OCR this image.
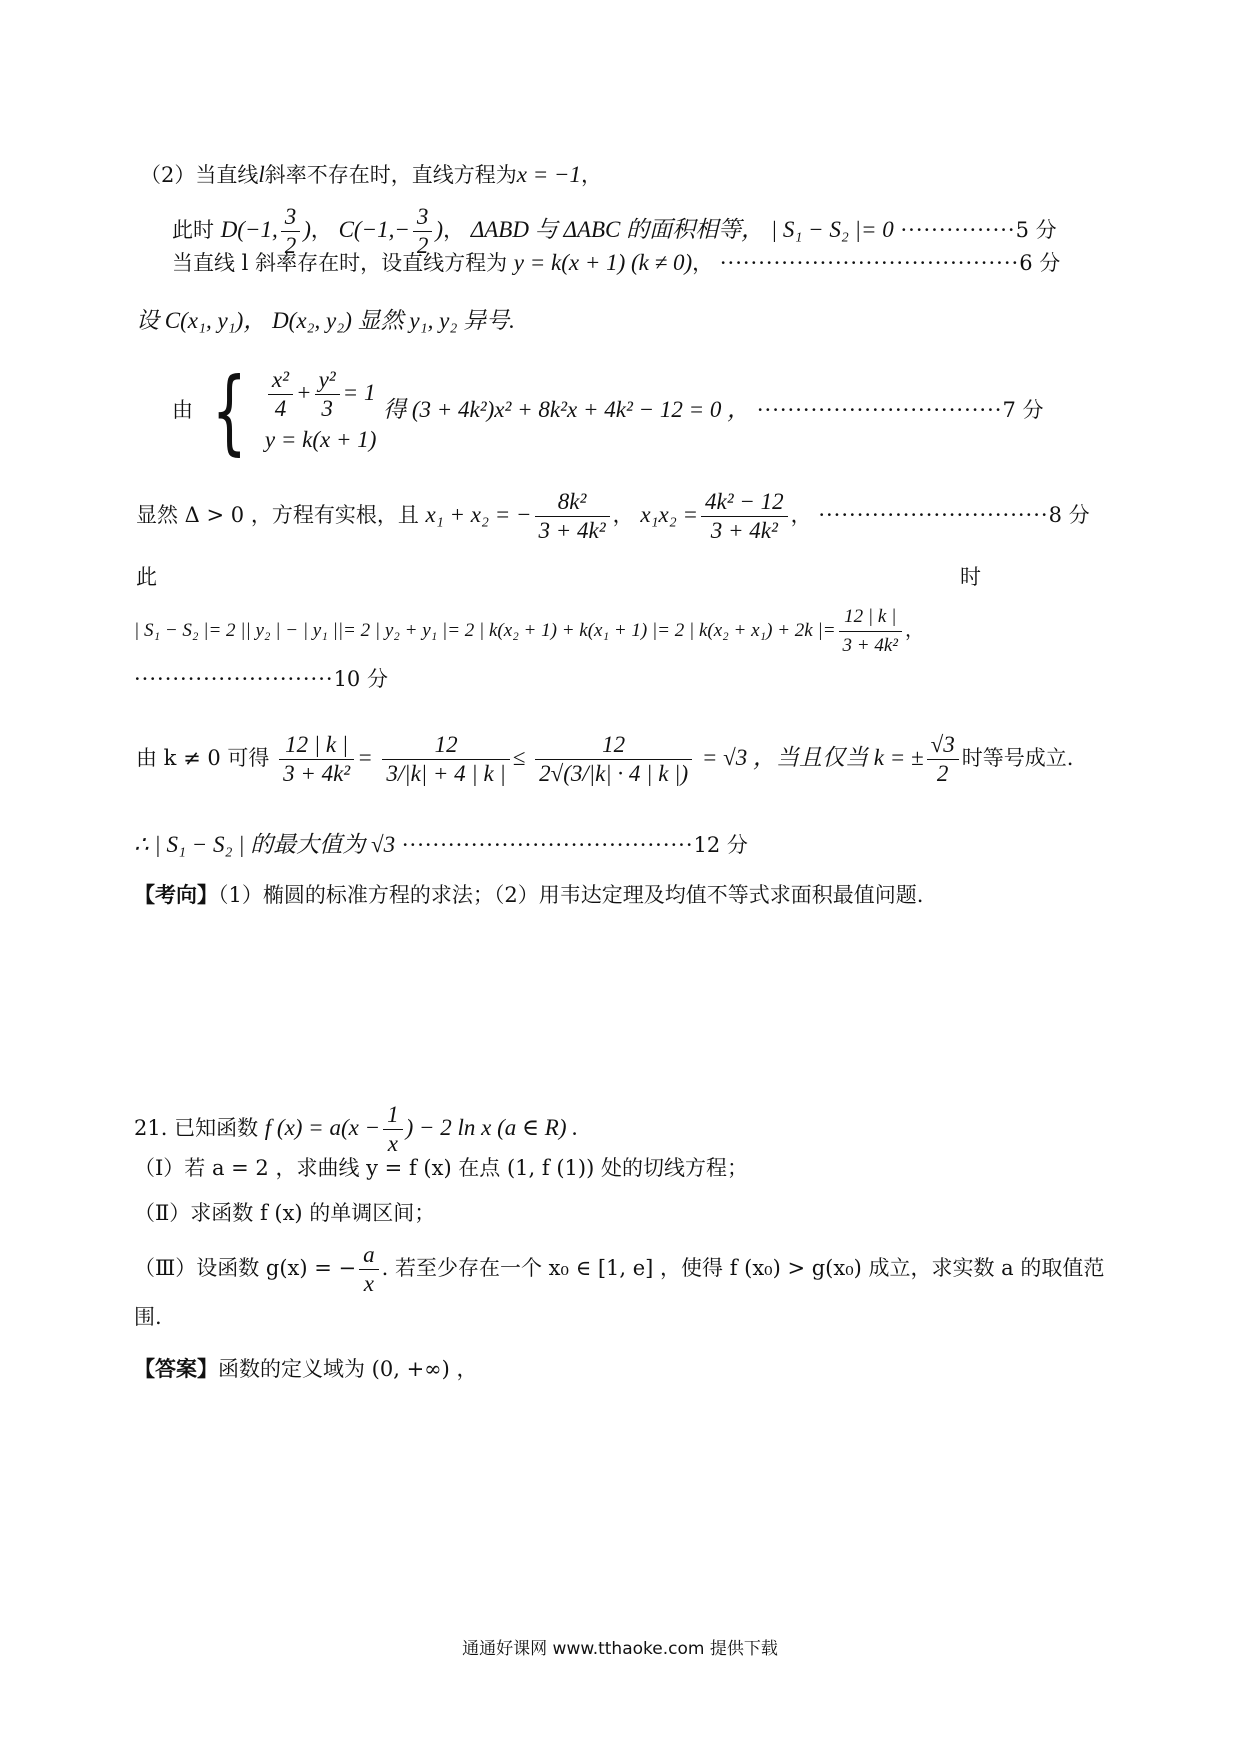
（2）当直线l斜率不存在时，直线方程为x = −1，
此时 D(−1, $\frac{3}{2}$ )， $C(-1,- \frac{3}{2}$ )， ΔABD 与 ΔABC 的面积相等， | S₁ − S₂ |= 0 ···············5 分
当直线 l 斜率存在时，设直线方程为 y = k(x + 1) (k ≠ 0)， ·······································6 分
设 C(x₁, y₁)， D(x₂, y₂) 显然 y₁, y₂ 异号.
由 { $\frac{\text{x²}}{4} + \frac{\text{y²}}{3} = 1$
y = k(x + 1)
得 (3 + 4k²)x² + 8k²x + 4k² − 12 = 0 ， ································7 分
显然 Δ > 0 ，方程有实根，且 x₁ + x₂ = − $\frac{\text{8k²}}{\text{3 + 4k²}}$ ， $x_1x_2 = \frac{\text{4k² − 12}}{\text{3 + 4k²}}$ ， ······························8 分
此	时
| S₁ − S₂ |= 2 || y₂ | − | y₁ ||= 2 | y₂ + y₁ |= 2 | k(x₂ + 1) + k(x₁ + 1) |= 2 | k(x₂ + x₁) + 2k |= $\frac{12 | k |}{\text{3 + 4k²}}$ ，
··························10 分
由 k ≠ 0 可得 $\frac{12 | k |}{\text{3 + 4k²}} = \frac{12}{3/|k| + 4 | k |} \le \frac{12}{2√(3/|k| \cdot 4 | k |)} = √3$ ，当且仅当 k = ± $\frac{√3}{2}$ 时等号成立.
∴ | S₁ − S₂ | 的最大值为 √3 ······································12 分
【考向】（1）椭圆的标准方程的求法；（2）用韦达定理及均值不等式求面积最值问题.
21. 已知函数 f $(x) = a(x - \frac{1}{x}$ ) − 2 ln x (a ∈ R) .
（Ⅰ）若 a = 2 ，求曲线 y = f (x) 在点 (1, f (1)) 处的切线方程；
（Ⅱ）求函数 f (x) 的单调区间；
（Ⅲ）设函数 g(x) = − $\frac{a}{x}$ . 若至少存在一个 x₀ ∈ [1, e] ，使得 f (x₀) > g(x₀) 成立，求实数 a 的取值范
围.
【答案】函数的定义域为 (0, +∞) ，
通通好课网 www.tthaoke.com 提供下载
